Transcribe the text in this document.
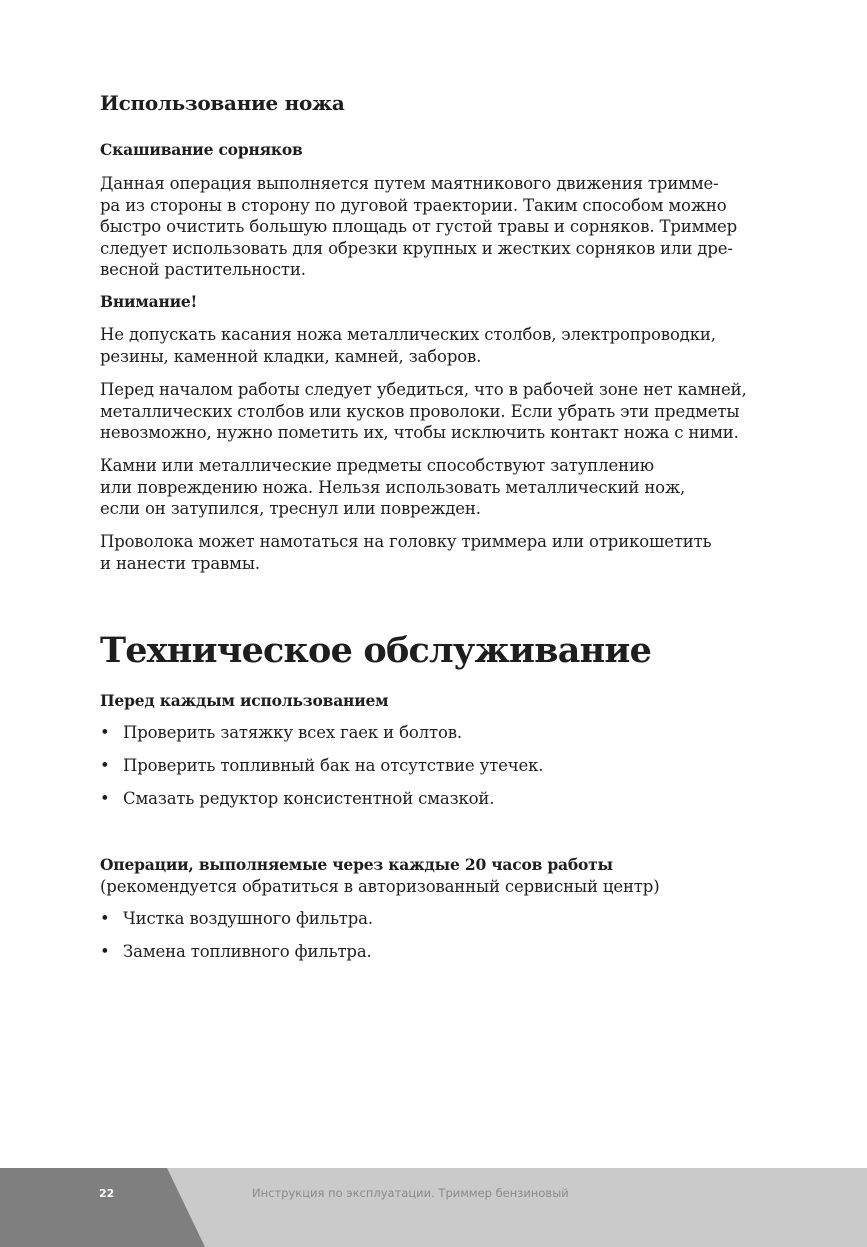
Использование ножа

Скашивание сорняков

Данная операция выполняется путем маятникового движения тримме-
ра из стороны в сторону по дуговой траектории. Таким способом можно
быстро очистить большую площадь от густой травы и сорняков. Триммер
следует использовать для обрезки крупных и жестких сорняков или дре-
весной растительности.

Внимание!

Не допускать касания ножа металлических столбов, электропроводки,
резины, каменной кладки, камней, заборов.

Перед началом работы следует убедиться, что в рабочей зоне нет камней,
металлических столбов или кусков проволоки. Если убрать эти предметы
невозможно, нужно пометить их, чтобы исключить контакт ножа с ними.

Камни или металлические предметы способствуют затуплению
или повреждению ножа. Нельзя использовать металлический нож,
если он затупился, треснул или поврежден.

Проволока может намотаться на головку триммера или отрикошетить
и нанести травмы.

Техническое обслуживание

Перед каждым использованием

• Проверить затяжку всех гаек и болтов.

• Проверить топливный бак на отсутствие утечек.

• Смазать редуктор консистентной смазкой.

Операции, выполняемые через каждые 20 часов работы

(рекомендуется обратиться в авторизованный сервисный центр)

• Чистка воздушного фильтра.

• Замена топливного фильтра.

22	Инструкция по эксплуатации. Триммер бензиновый
